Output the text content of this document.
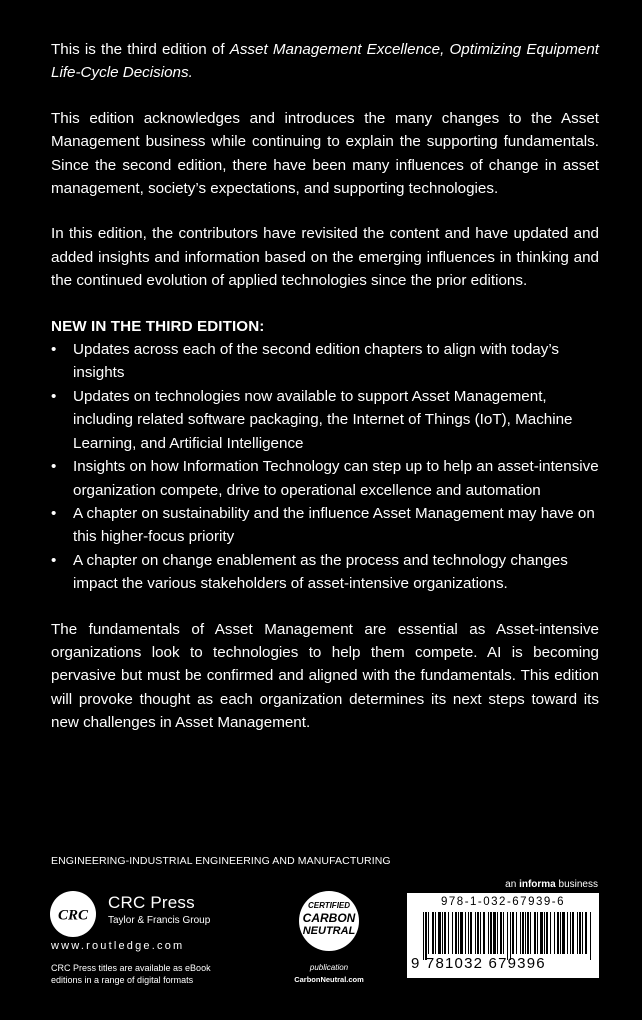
This is the third edition of Asset Management Excellence, Optimizing Equipment Life-Cycle Decisions.

This edition acknowledges and introduces the many changes to the Asset Management business while continuing to explain the supporting fundamentals. Since the second edition, there have been many influences of change in asset management, society’s expectations, and supporting technologies.

In this edition, the contributors have revisited the content and have updated and added insights and information based on the emerging influences in thinking and the continued evolution of applied technologies since the prior editions.

NEW IN THE THIRD EDITION:

• Updates across each of the second edition chapters to align with today’s insights
• Updates on technologies now available to support Asset Management, including related software packaging, the Internet of Things (IoT), Machine Learning, and Artificial Intelligence
• Insights on how Information Technology can step up to help an asset-intensive organization compete, drive to operational excellence and automation
• A chapter on sustainability and the influence Asset Management may have on this higher-focus priority
• A chapter on change enablement as the process and technology changes impact the various stakeholders of asset-intensive organizations.

The fundamentals of Asset Management are essential as Asset-intensive organizations look to technologies to help them compete. AI is becoming pervasive but must be confirmed and aligned with the fundamentals. This edition will provoke thought as each organization determines its next steps toward its new challenges in Asset Management.

ENGINEERING-INDUSTRIAL ENGINEERING AND MANUFACTURING
an informa business
CRC
CRC Press
Taylor & Francis Group
www.routledge.com
CRC Press titles are available as eBook editions in a range of digital formats
CERTIFIED
CARBON
NEUTRAL
publication
CarbonNeutral.com
978-1-032-67939-6
9 781032 679396
